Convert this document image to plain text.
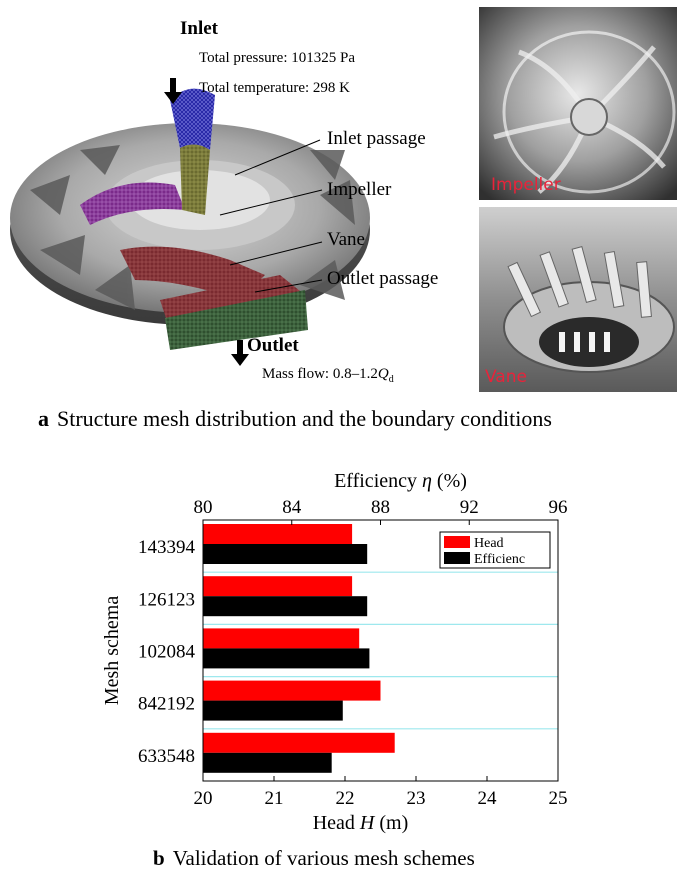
Inlet
Total pressure: 101325 Pa
Total temperature: 298 K
Inlet passage
Impeller
Vane
Outlet passage
Outlet
Mass flow: $0.8-1.2Q_d$
Impeller
Vane
a Structure mesh distribution and the boundary conditions
143394
126123
102084
842192
633548
20	21	22	23	24	25
80	84	88	92	96
Efficiency η (%)
Head H (m)
Mesh schema
Head
Efficienc
b Validation of various mesh schemes
